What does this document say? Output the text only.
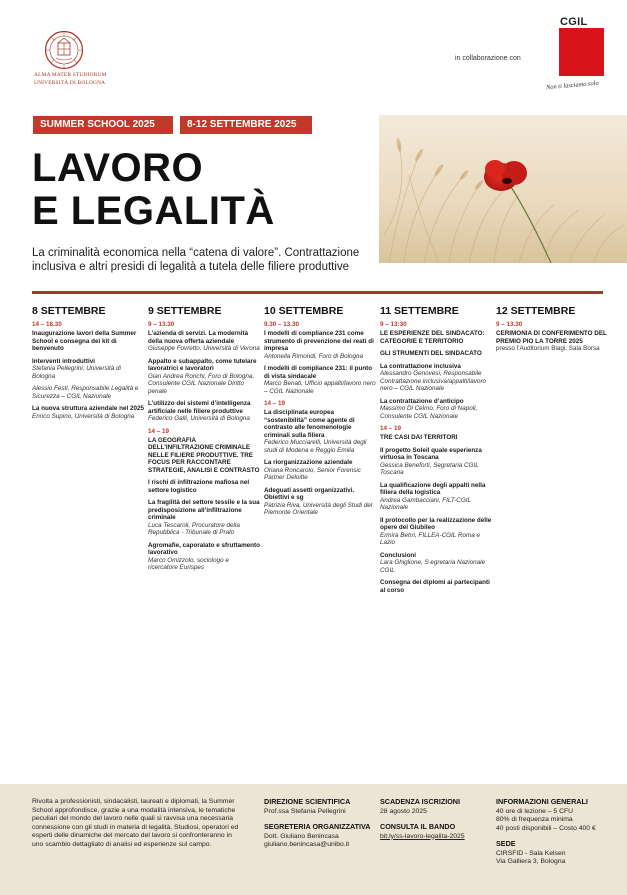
ALMA MATER STUDIORUM
UNIVERSITÀ DI BOLOGNA
in collaborazione con
CGIL
Non ti lasciamo solo
SUMMER SCHOOL 2025	8-12 SETTEMBRE 2025
LAVORO
E LEGALITÀ
La criminalità economica nella “catena di valore”. Contrattazione inclusiva e altri presidi di legalità a tutela delle filiere produttive
8 SETTEMBRE
14 – 18.30
Inaugurazione lavori della Summer School e consegna dei kit di benvenuto
Interventi introduttivi
Stefania Pellegrini, Università di Bologna
Alessio Festi, Responsabile Legalità e Sicurezza – CGIL Nazionale
La nuova struttura aziendale nel 2025
Enrico Supino, Università di Bologna
9 SETTEMBRE
9 – 13.30
L’azienda di servizi. La modernità della nuova offerta aziendale
Giuseppe Fovretto, Università di Verona
Appalto e subappalto, come tutelare lavoratrici e lavoratori
Gian Andrea Ronchi, Foro di Bologna, Consulente CGIL Nazionale Diritto penale
L’utilizzo dei sistemi d’intelligenza artificiale nelle filiere produttive
Federico Galli, Università di Bologna
14 – 19
LA GEOGRAFIA DELL’INFILTRAZIONE CRIMINALE NELLE FILIERE PRODUTTIVE. TRE FOCUS PER RACCONTARE STRATEGIE, ANALISI E CONTRASTO
I rischi di infiltrazione mafiosa nel settore logistico
La fragilità del settore tessile e la sua predisposizione all’infiltrazione criminale
Luca Tescaroli, Procuratore della Repubblica - Tribunale di Prato
Agromafie, caporalato e sfruttamento lavorativo
Marco Omizzolo, sociologo e ricercatore Eurispes
10 SETTEMBRE
9.30 – 13.30
I modelli di compliance 231 come strumento di prevenzione dei reati di impresa
Antonella Rimondi, Foro di Bologna
I modelli di compliance 231: il punto di vista sindacale
Marco Benati, Ufficio appalti/lavoro nero – CGIL Nazionale
14 – 19
La disciplinata europea “sostenibilità” come agente di contrasto alle fenomenologie criminali sulla filiera
Federico Mucciarelli, Università degli studi di Modena e Reggio Emilia
La riorganizzazione aziendale
Oriana Roncarolo, Senior Forensic Partner Deloitte
Adeguati assetti organizzativi. Obiettivi e sg
Patrizia Riva, Università degli Studi del Piemonte Orientale
11 SETTEMBRE
9 – 13:30
LE ESPERIENZE DEL SINDACATO: CATEGORIE E TERRITORIO
GLI STRUMENTI DEL SINDACATO
La contrattazione inclusiva
Alessandro Genovesi, Responsabile Contrattazione inclusiva/appalti/lavoro nero – CGIL Nazionale
La contrattazione d’anticipo
Massimo Di Celmo, Foro di Napoli, Consulente CGIL Nazionale
14 – 19
TRE CASI DAI TERRITORI
Il progetto Soleil quale esperienza virtuosa in Toscana
Gessica Beneforti, Segretaria CGIL Toscana
La qualificazione degli appalti nella filiera della logistica
Andrea Gambacciani, FILT-CGIL Nazionale
Il protocollo per la realizzazione delle opere del Giubileo
Ermira Behri, FILLEA-CGIL Roma e Lazio
Conclusioni
Lara Ghiglione, S egretaria Nazionale CGIL
Consegna dei diplomi ai partecipanti al corso
12 SETTEMBRE
9 – 13.30
CERIMONIA DI CONFERIMENTO DEL PREMIO PIO LA TORRE 2025
presso l’Auditorium Biagi, Sala Borsa
Rivolta a professionisti, sindacalisti, laureati e diplomati, la Summer School approfondisce, grazie a una modalità intensiva, le tematiche peculiari del mondo del lavoro nelle quali si ravvisa una necessaria connessione con gli studi in materia di legalità. Studiosi, operatori ed esperti delle dinamiche del mercato del lavoro si confronteranno in uno scambio dettagliato di analisi ed esperienze sul campo.
DIREZIONE SCIENTIFICA
Prof.ssa Stefania Pellegrini
SEGRETERIA ORGANIZZATIVA
Dott. Giuliano Benincasa
giuliano.benincasa@unibo.it
SCADENZA ISCRIZIONI
28 agosto 2025
CONSULTA IL BANDO
bit.ly/ss-lavoro-legalita-2025
INFORMAZIONI GENERALI
40 ore di lezione – 5 CFU
80% di frequenza minima
40 posti disponibili – Costo 400 €
SEDE
CIRSFID - Sala Kelsen
Via Galliera 3, Bologna
